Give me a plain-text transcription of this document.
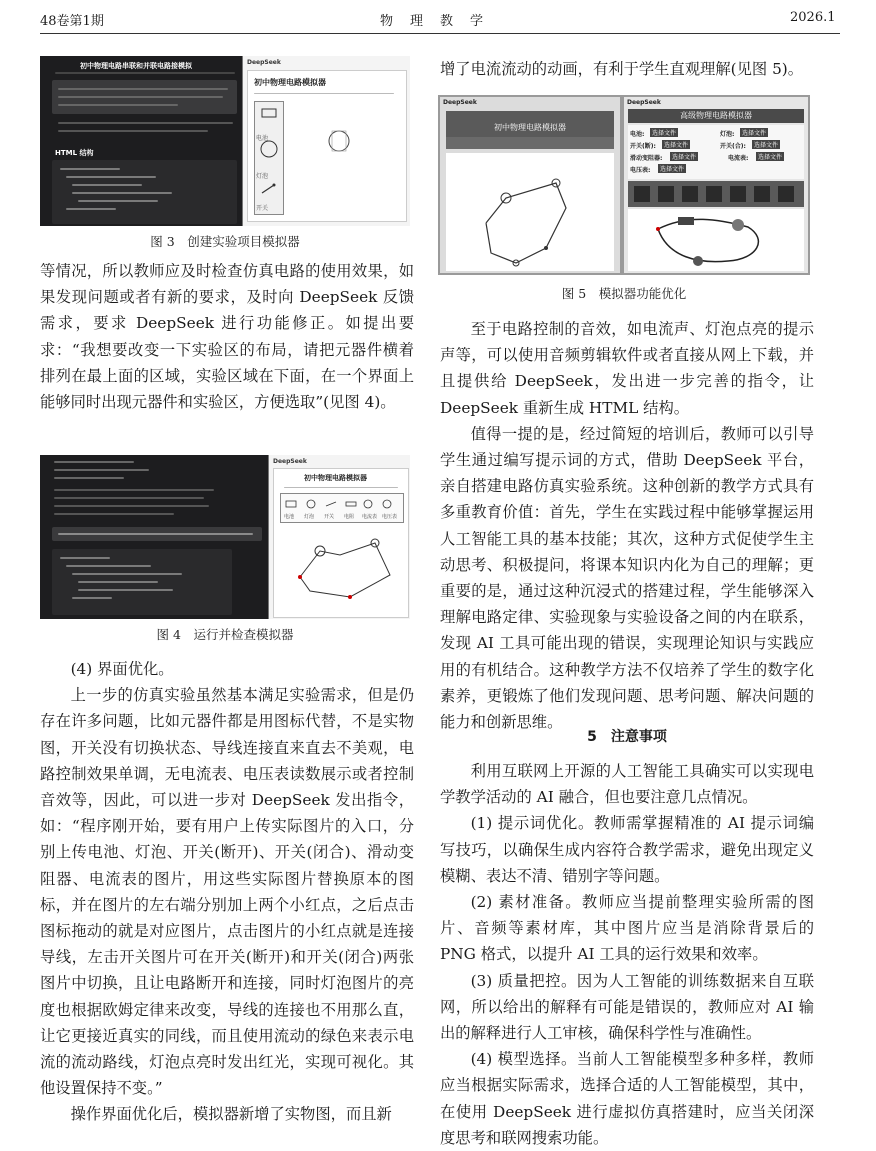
48卷第1期	物　理　教　学	2026.1
初中物理电路串联和并联电路接模拟
HTML 结构
DeepSeek
初中物理电路模拟器
电池
灯泡
开关
图 3　创建实验项目模拟器
DeepSeek
初中物理电路模拟器
电池 灯泡 开关 电阻 电流表 电压表
图 4　运行并检查模拟器
DeepSeek
初中物理电路模拟器
DeepSeek
高级物理电路模拟器
电池:	选择文件	灯泡:	选择文件
开关(断):	选择文件	开关(合):	选择文件
滑动变阻器:	选择文件	电流表:	选择文件
电压表:	选择文件
图 5　模拟器功能优化

等情况，所以教师应及时检查仿真电路的使用效果，如果发现问题或者有新的要求，及时向 DeepSeek 反馈需求，要求 DeepSeek 进行功能修正。如提出要求：“我想要改变一下实验区的布局，请把元器件横着排列在最上面的区域，实验区域在下面，在一个界面上能够同时出现元器件和实验区，方便选取”(见图 4)。

(4) 界面优化。

上一步的仿真实验虽然基本满足实验需求，但是仍存在许多问题，比如元器件都是用图标代替，不是实物图，开关没有切换状态、导线连接直来直去不美观，电路控制效果单调，无电流表、电压表读数展示或者控制音效等，因此，可以进一步对 DeepSeek 发出指令，如：“程序刚开始，要有用户上传实际图片的入口，分别上传电池、灯泡、开关(断开)、开关(闭合)、滑动变阻器、电流表的图片，用这些实际图片替换原本的图标，并在图片的左右端分别加上两个小红点，之后点击图标拖动的就是对应图片，点击图片的小红点就是连接导线，左击开关图片可在开关(断开)和开关(闭合)两张图片中切换，且让电路断开和连接，同时灯泡图片的亮度也根据欧姆定律来改变，导线的连接也不用那么直，让它更接近真实的同线，而且使用流动的绿色来表示电流的流动路线，灯泡点亮时发出红光，实现可视化。其他设置保持不变。”

操作界面优化后，模拟器新增了实物图，而且新

增了电流流动的动画，有利于学生直观理解(见图 5)。

至于电路控制的音效，如电流声、灯泡点亮的提示声等，可以使用音频剪辑软件或者直接从网上下载，并且提供给 DeepSeek，发出进一步完善的指令，让 DeepSeek 重新生成 HTML 结构。

值得一提的是，经过简短的培训后，教师可以引导学生通过编写提示词的方式，借助 DeepSeek 平台，亲自搭建电路仿真实验系统。这种创新的教学方式具有多重教育价值：首先，学生在实践过程中能够掌握运用人工智能工具的基本技能；其次，这种方式促使学生主动思考、积极提问，将课本知识内化为自己的理解；更重要的是，通过这种沉浸式的搭建过程，学生能够深入理解电路定律、实验现象与实验设备之间的内在联系，发现 AI 工具可能出现的错误，实现理论知识与实践应用的有机结合。这种教学方法不仅培养了学生的数字化素养，更锻炼了他们发现问题、思考问题、解决问题的能力和创新思维。

5　注意事项

利用互联网上开源的人工智能工具确实可以实现电学教学活动的 AI 融合，但也要注意几点情况。

(1) 提示词优化。教师需掌握精准的 AI 提示词编写技巧，以确保生成内容符合教学需求，避免出现定义模糊、表达不清、错别字等问题。

(2) 素材准备。教师应当提前整理实验所需的图片、音频等素材库，其中图片应当是消除背景后的 PNG 格式，以提升 AI 工具的运行效果和效率。

(3) 质量把控。因为人工智能的训练数据来自互联网，所以给出的解释有可能是错误的，教师应对 AI 输出的解释进行人工审核，确保科学性与准确性。

(4) 模型选择。当前人工智能模型多种多样，教师应当根据实际需求，选择合适的人工智能模型，其中，在使用 DeepSeek 进行虚拟仿真搭建时，应当关闭深度思考和联网搜索功能。
